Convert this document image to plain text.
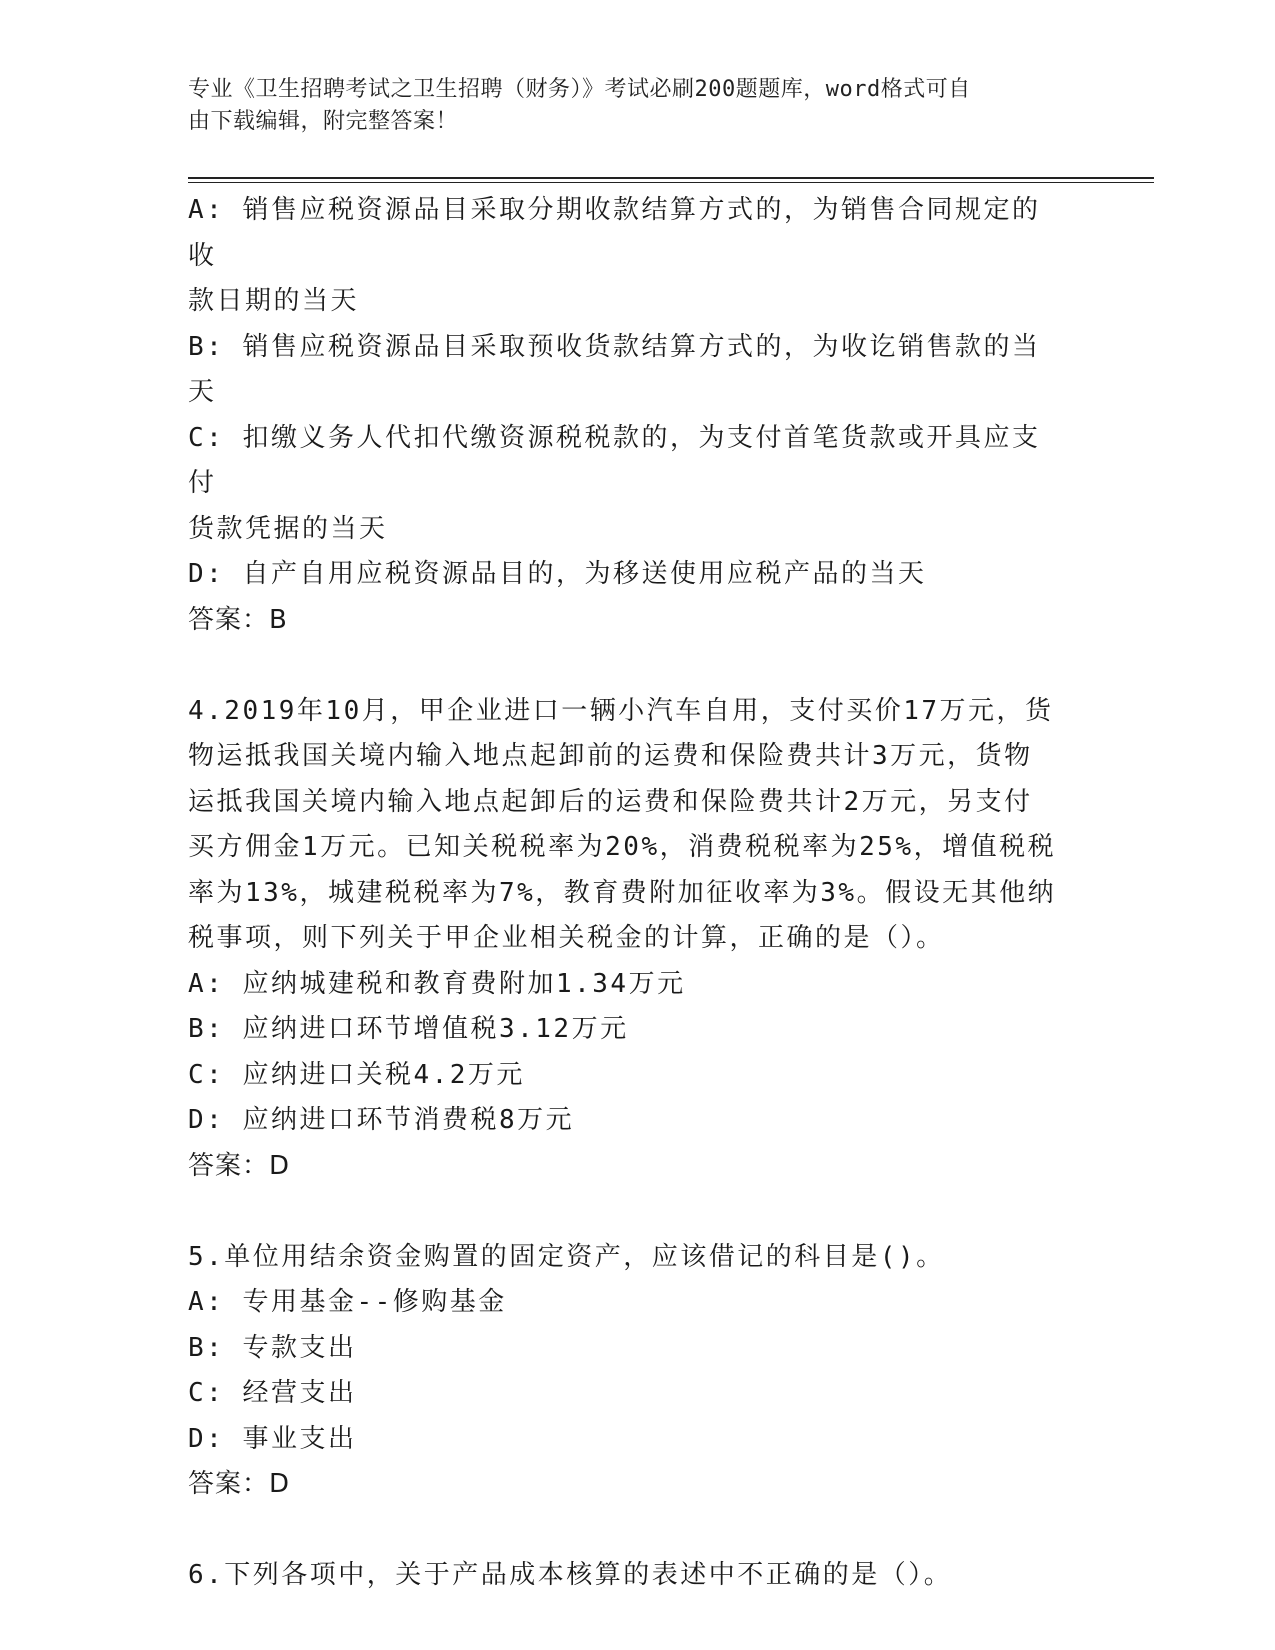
专业《卫生招聘考试之卫生招聘（财务）》考试必刷200题题库，word格式可自
由下载编辑，附完整答案！
A: 销售应税资源品目采取分期收款结算方式的，为销售合同规定的收
款日期的当天
B: 销售应税资源品目采取预收货款结算方式的，为收讫销售款的当天
C: 扣缴义务人代扣代缴资源税税款的，为支付首笔货款或开具应支付
货款凭据的当天
D: 自产自用应税资源品目的，为移送使用应税产品的当天
答案：B
4.2019年10月，甲企业进口一辆小汽车自用，支付买价17万元，货
物运抵我国关境内输入地点起卸前的运费和保险费共计3万元，货物
运抵我国关境内输入地点起卸后的运费和保险费共计2万元，另支付
买方佣金1万元。已知关税税率为20%，消费税税率为25%，增值税税
率为13%，城建税税率为7%，教育费附加征收率为3%。假设无其他纳
税事项，则下列关于甲企业相关税金的计算，正确的是（）。
A: 应纳城建税和教育费附加1.34万元
B: 应纳进口环节增值税3.12万元
C: 应纳进口关税4.2万元
D: 应纳进口环节消费税8万元
答案：D
5.单位用结余资金购置的固定资产，应该借记的科目是()。
A: 专用基金--修购基金
B: 专款支出
C: 经营支出
D: 事业支出
答案：D
6.下列各项中，关于产品成本核算的表述中不正确的是（）。
